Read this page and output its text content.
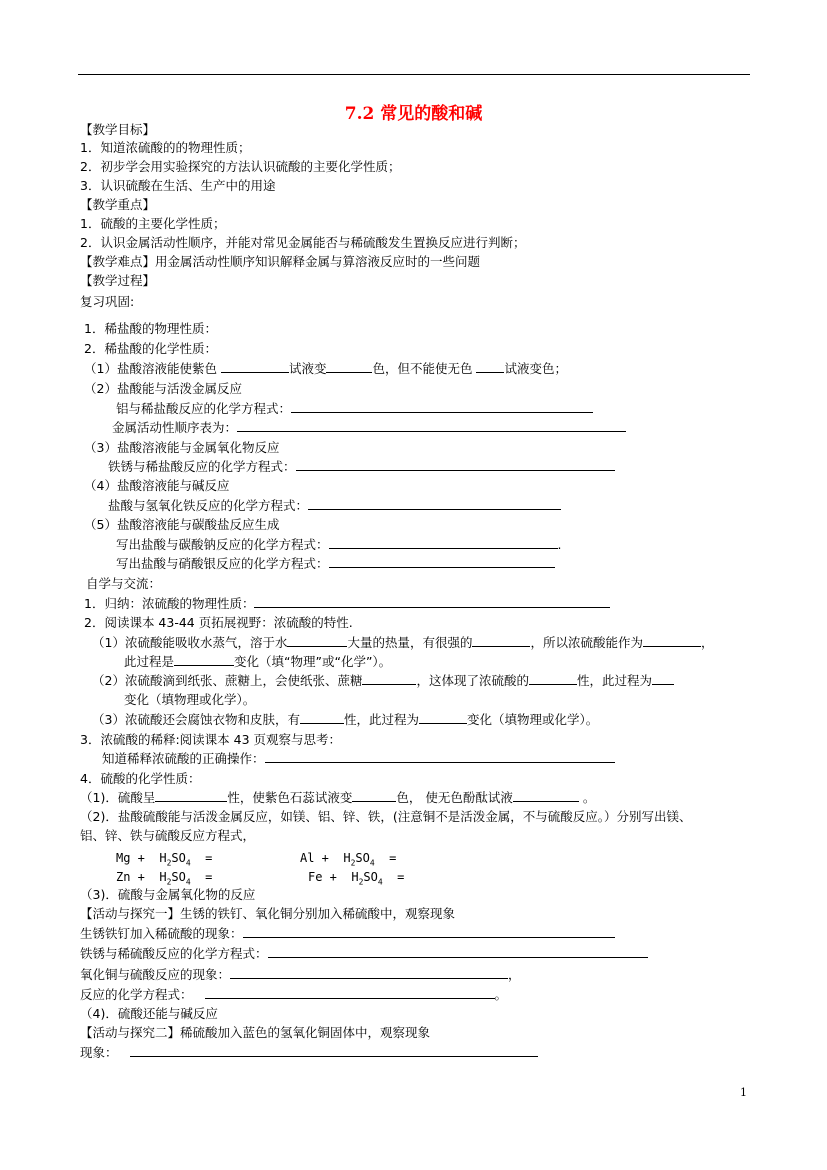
7.2 常见的酸和碱
【教学目标】
1．知道浓硫酸的的物理性质；
2．初步学会用实验探究的方法认识硫酸的主要化学性质；
3．认识硫酸在生活、生产中的用途
【教学重点】
1．硫酸的主要化学性质；
2．认识金属活动性顺序，并能对常见金属能否与稀硫酸发生置换反应进行判断；
【教学难点】用金属活动性顺序知识解释金属与算溶液反应时的一些问题
【教学过程】
复习巩固:
1．稀盐酸的物理性质：
2．稀盐酸的化学性质：
（1）盐酸溶液能使紫色	试液变	色，但不能使无色 试液变色；
（2）盐酸能与活泼金属反应
铝与稀盐酸反应的化学方程式：
金属活动性顺序表为：
（3）盐酸溶液能与金属氧化物反应
铁锈与稀盐酸反应的化学方程式：
（4）盐酸溶液能与碱反应
盐酸与氢氧化铁反应的化学方程式：
（5）盐酸溶液能与碳酸盐反应生成
写出盐酸与碳酸钠反应的化学方程式：	.
写出盐酸与硝酸银反应的化学方程式：
自学与交流：
1．归纳：浓硫酸的物理性质：
2．阅读课本 43-44 页拓展视野：浓硫酸的特性.
（1）浓硫酸能吸收水蒸气，溶于水	大量的热量，有很强的	，所以浓硫酸能作为	，
此过程是	变化（填“物理”或“化学”）。
（2）浓硫酸滴到纸张、蔗糖上，会使纸张、蔗糖	，这体现了浓硫酸的	性，此过程为
变化（填物理或化学）。
（3）浓硫酸还会腐蚀衣物和皮肤，有	性，此过程为	变化（填物理或化学）。
3．浓硫酸的稀释:阅读课本 43 页观察与思考：
知道稀释浓硫酸的正确操作：
4．硫酸的化学性质：
（1)．硫酸呈	性，使紫色石蕊试液变	色， 使无色酚酞试液	。
（2)．盐酸硫酸能与活泼金属反应，如镁、铝、锌、铁，(注意铜不是活泼金属，不与硫酸反应。）分别写出镁、
铝、锌、铁与硫酸反应方程式，
$Mg + H_2SO_4$ =	$Al + H_2SO_4$ =
$Zn + H_2SO_4$ =	$Fe + H_2SO_4$ =
（3)．硫酸与金属氧化物的反应
【活动与探究一】生锈的铁钉、氧化铜分别加入稀硫酸中，观察现象
生锈铁钉加入稀硫酸的现象：
铁锈与稀硫酸反应的化学方程式：
氧化铜与硫酸反应的现象：	，
反应的化学方程式：	。
（4)．硫酸还能与碱反应
【活动与探究二】稀硫酸加入蓝色的氢氧化铜固体中，观察现象
现象：
1
